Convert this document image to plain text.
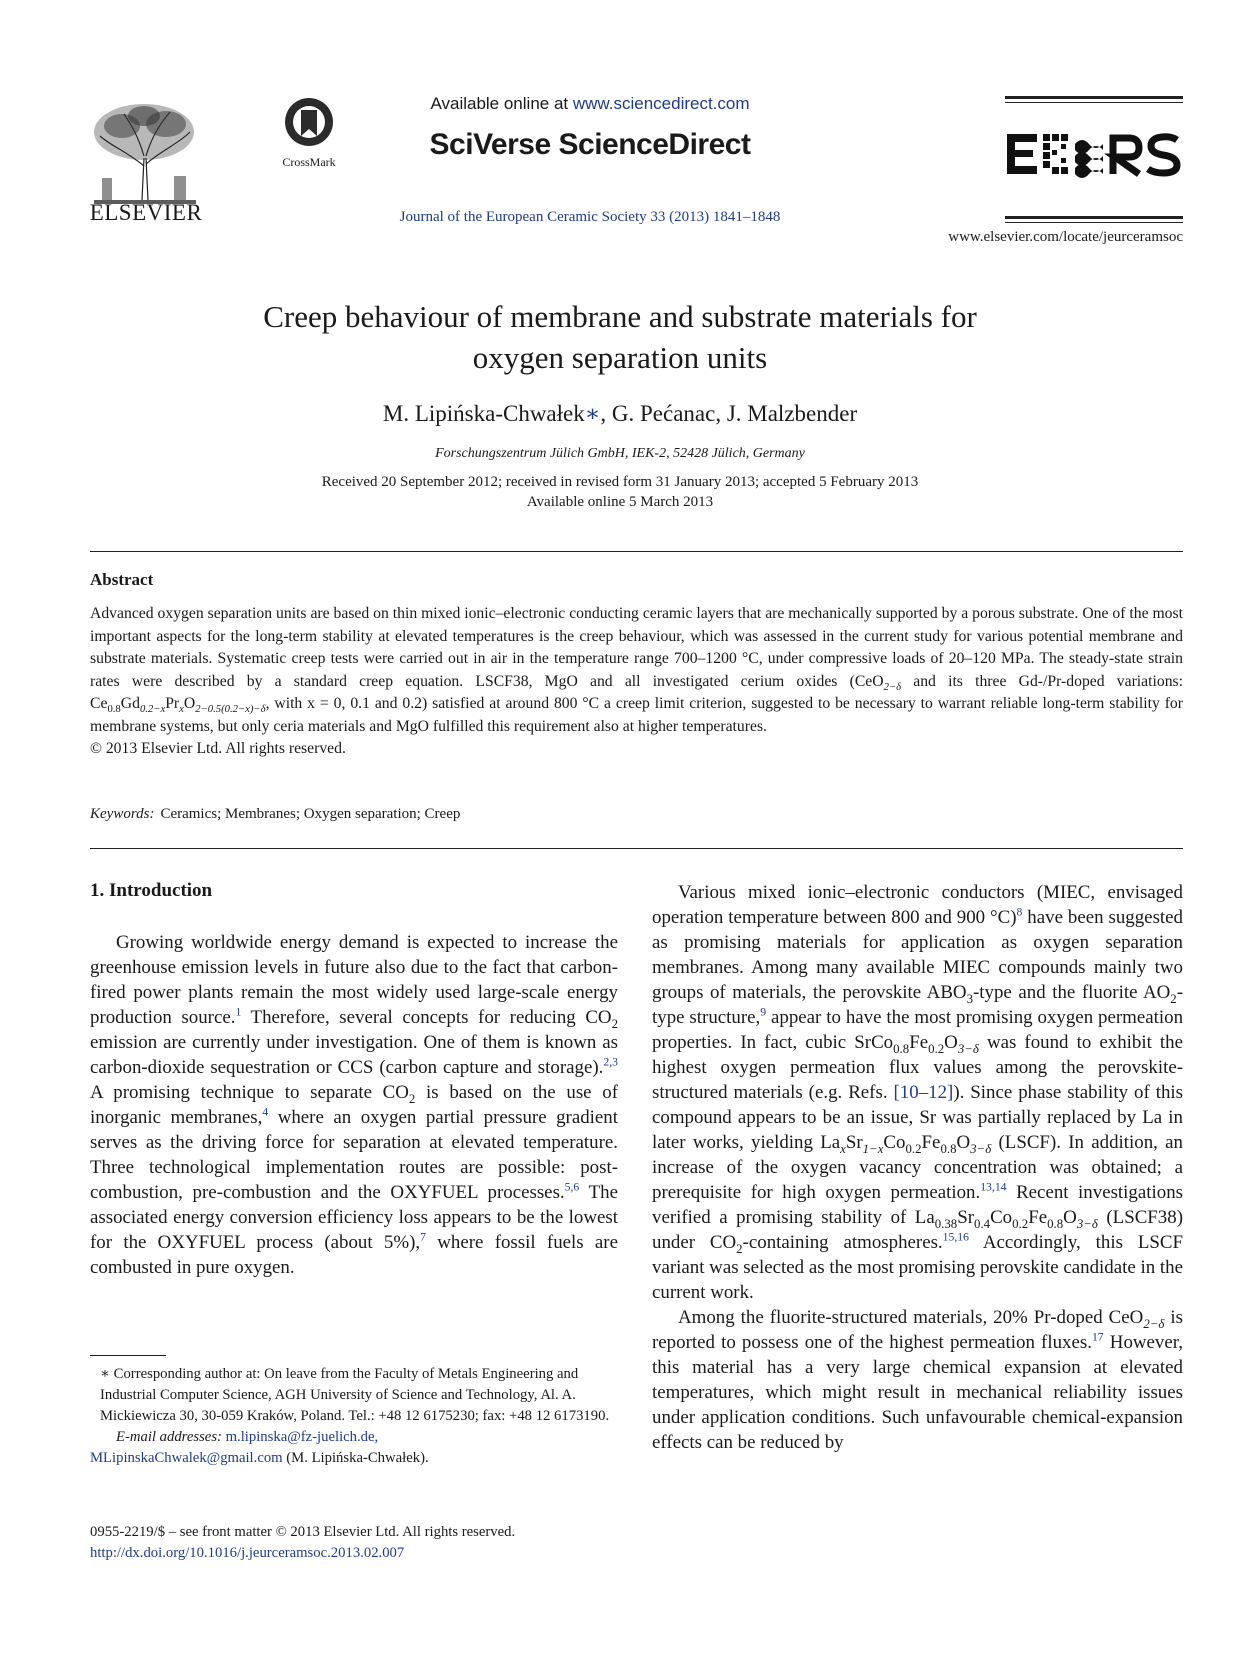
ELSEVIER
CrossMark
Available online at www.sciencedirect.com
SciVerse ScienceDirect
Journal of the European Ceramic Society 33 (2013) 1841–1848
www.elsevier.com/locate/jeurceramsoc
Creep behaviour of membrane and substrate materials for
oxygen separation units
M. Lipińska-Chwałek∗, G. Pećanac, J. Malzbender
Forschungszentrum Jülich GmbH, IEK-2, 52428 Jülich, Germany
Received 20 September 2012; received in revised form 31 January 2013; accepted 5 February 2013
Available online 5 March 2013
Abstract

Advanced oxygen separation units are based on thin mixed ionic–electronic conducting ceramic layers that are mechanically supported by a porous substrate. One of the most important aspects for the long-term stability at elevated temperatures is the creep behaviour, which was assessed in the current study for various potential membrane and substrate materials. Systematic creep tests were carried out in air in the temperature range 700–1200 °C, under compressive loads of 20–120 MPa. The steady-state strain rates were described by a standard creep equation. LSCF38, MgO and all investigated cerium oxides (CeO$_{2-\delta}$ and its three Gd-/Pr-doped variations: $Ce_{0.8}Gd_{0.2-x}Pr_xO_{2-0.5(0.2-x)-\delta}$, with x = 0, 0.1 and 0.2) satisfied at around 800 °C a creep limit criterion, suggested to be necessary to warrant reliable long-term stability for membrane systems, but only ceria materials and MgO fulfilled this requirement also at higher temperatures.

© 2013 Elsevier Ltd. All rights reserved.

Keywords: Ceramics; Membranes; Oxygen separation; Creep
1. Introduction

Growing worldwide energy demand is expected to increase the greenhouse emission levels in future also due to the fact that carbon-fired power plants remain the most widely used large-scale energy production source.$^1$ Therefore, several concepts for reducing $CO_2$ emission are currently under investigation. One of them is known as carbon-dioxide sequestration or CCS (carbon capture and storage).$^{2,3}$ A promising technique to separate $CO_2$ is based on the use of inorganic membranes,$^4$ where an oxygen partial pressure gradient serves as the driving force for separation at elevated temperature. Three technological implementation routes are possible: post-combustion, pre-combustion and the OXYFUEL processes.$^{5,6}$ The associated energy conversion efficiency loss appears to be the lowest for the OXYFUEL process (about 5%),$^7$ where fossil fuels are combusted in pure oxygen.

∗ Corresponding author at: On leave from the Faculty of Metals Engineering and Industrial Computer Science, AGH University of Science and Technology, Al. A. Mickiewicza 30, 30-059 Kraków, Poland. Tel.: +48 12 6175230; fax: +48 12 6173190.

E-mail addresses: m.lipinska@fz-juelich.de,

MLipinskaChwalek@gmail.com (M. Lipińska-Chwałek).

0955-2219/$ – see front matter © 2013 Elsevier Ltd. All rights reserved.
http://dx.doi.org/10.1016/j.jeurceramsoc.2013.02.007

Various mixed ionic–electronic conductors (MIEC, envisaged operation temperature between 800 and 900 °C)$^8$ have been suggested as promising materials for application as oxygen separation membranes. Among many available MIEC compounds mainly two groups of materials, the perovskite $ABO_3$-type and the fluorite $AO_2$-type structure,$^9$ appear to have the most promising oxygen permeation properties. In fact, cubic $SrCo_{0.8}Fe_{0.2}O_{3-\delta}$ was found to exhibit the highest oxygen permeation flux values among the perovskite-structured materials (e.g. Refs. [10–12]). Since phase stability of this compound appears to be an issue, Sr was partially replaced by La in later works, yielding $La_xSr_{1-x}Co_{0.2}Fe_{0.8}O_{3-\delta}$ (LSCF). In addition, an increase of the oxygen vacancy concentration was obtained; a prerequisite for high oxygen permeation.$^{13,14}$ Recent investigations verified a promising stability of $La_{0.38}Sr_{0.4}Co_{0.2}Fe_{0.8}O_{3-\delta}$ (LSCF38) under $CO_2$-containing atmospheres.$^{15,16}$ Accordingly, this LSCF variant was selected as the most promising perovskite candidate in the current work.

Among the fluorite-structured materials, 20% Pr-doped CeO$_{2-\delta}$ is reported to possess one of the highest permeation fluxes.$^{17}$ However, this material has a very large chemical expansion at elevated temperatures, which might result in mechanical reliability issues under application conditions. Such unfavourable chemical-expansion effects can be reduced by
